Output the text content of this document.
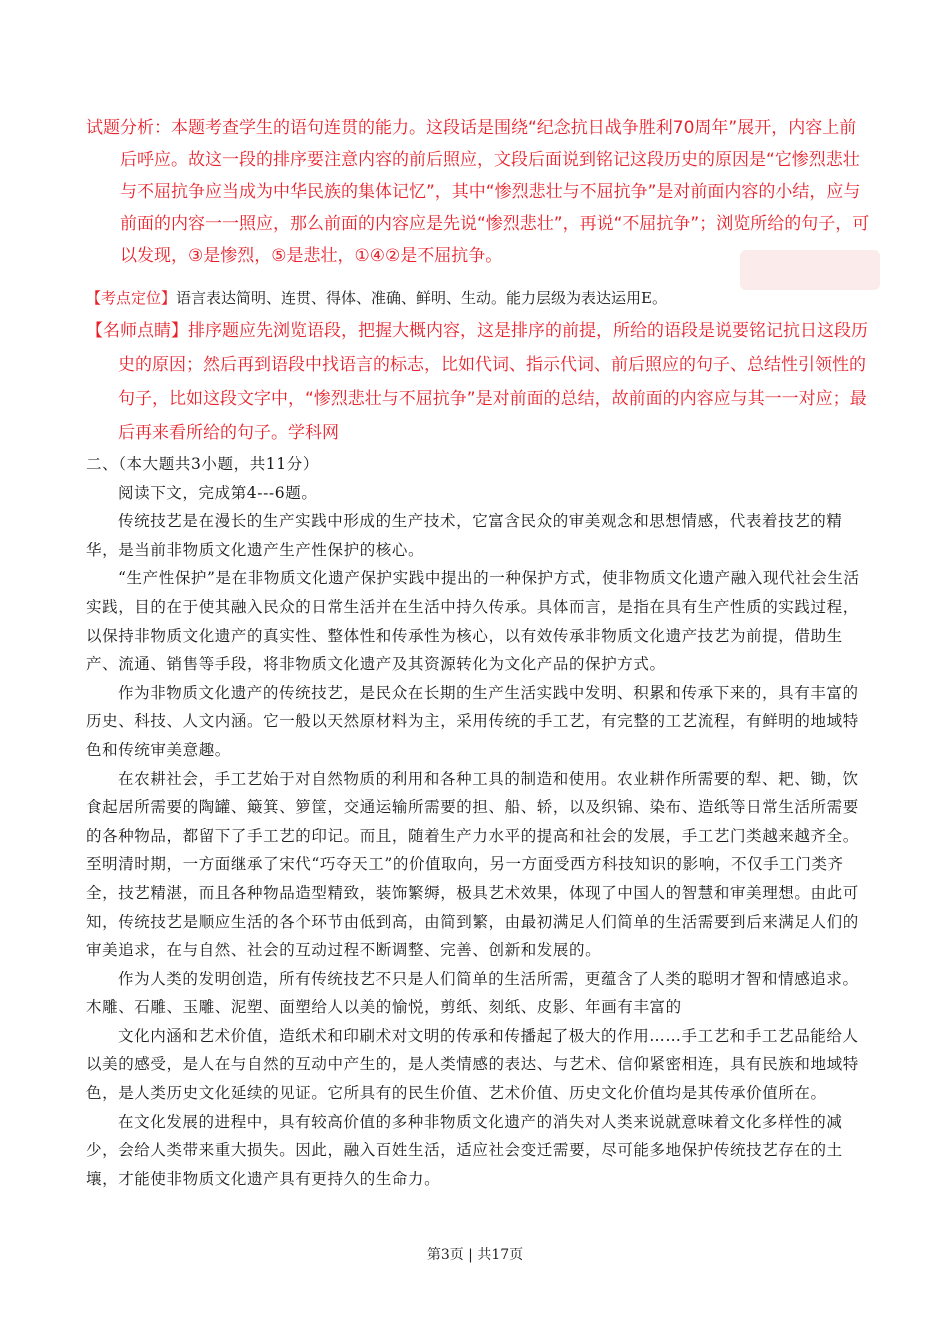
试题分析：本题考查学生的语句连贯的能力。这段话是围绕“纪念抗日战争胜利70周年”展开，内容上前后呼应。故这一段的排序要注意内容的前后照应，文段后面说到铭记这段历史的原因是“它惨烈悲壮与不屈抗争应当成为中华民族的集体记忆”，其中“惨烈悲壮与不屈抗争”是对前面内容的小结，应与前面的内容一一照应，那么前面的内容应是先说“惨烈悲壮”，再说“不屈抗争”；浏览所给的句子，可以发现，③是惨烈，⑤是悲壮，①④②是不屈抗争。

【考点定位】语言表达简明、连贯、得体、准确、鲜明、生动。能力层级为表达运用E。

【名师点睛】排序题应先浏览语段，把握大概内容，这是排序的前提，所给的语段是说要铭记抗日这段历史的原因；然后再到语段中找语言的标志，比如代词、指示代词、前后照应的句子、总结性引领性的句子，比如这段文字中，“惨烈悲壮与不屈抗争”是对前面的总结，故前面的内容应与其一一对应；最后再来看所给的句子。学科网

二、（本大题共3小题，共11分）

阅读下文，完成第4---6题。

传统技艺是在漫长的生产实践中形成的生产技术，它富含民众的审美观念和思想情感，代表着技艺的精华，是当前非物质文化遗产生产性保护的核心。

“生产性保护”是在非物质文化遗产保护实践中提出的一种保护方式，使非物质文化遗产融入现代社会生活实践，目的在于使其融入民众的日常生活并在生活中持久传承。具体而言，是指在具有生产性质的实践过程，以保持非物质文化遗产的真实性、整体性和传承性为核心，以有效传承非物质文化遗产技艺为前提，借助生产、流通、销售等手段，将非物质文化遗产及其资源转化为文化产品的保护方式。

作为非物质文化遗产的传统技艺，是民众在长期的生产生活实践中发明、积累和传承下来的，具有丰富的历史、科技、人文内涵。它一般以天然原材料为主，采用传统的手工艺，有完整的工艺流程，有鲜明的地域特色和传统审美意趣。

在农耕社会，手工艺始于对自然物质的利用和各种工具的制造和使用。农业耕作所需要的犁、耙、锄，饮食起居所需要的陶罐、簸箕、箩筐，交通运输所需要的担、船、轿，以及织锦、染布、造纸等日常生活所需要的各种物品，都留下了手工艺的印记。而且，随着生产力水平的提高和社会的发展，手工艺门类越来越齐全。至明清时期，一方面继承了宋代“巧夺天工”的价值取向，另一方面受西方科技知识的影响，不仅手工门类齐全，技艺精湛，而且各种物品造型精致，装饰繁缛，极具艺术效果，体现了中国人的智慧和审美理想。由此可知，传统技艺是顺应生活的各个环节由低到高，由简到繁，由最初满足人们简单的生活需要到后来满足人们的审美追求，在与自然、社会的互动过程不断调整、完善、创新和发展的。

作为人类的发明创造，所有传统技艺不只是人们简单的生活所需，更蕴含了人类的聪明才智和情感追求。木雕、石雕、玉雕、泥塑、面塑给人以美的愉悦，剪纸、刻纸、皮影、年画有丰富的

文化内涵和艺术价值，造纸术和印刷术对文明的传承和传播起了极大的作用……手工艺和手工艺品能给人以美的感受，是人在与自然的互动中产生的，是人类情感的表达、与艺术、信仰紧密相连，具有民族和地域特色，是人类历史文化延续的见证。它所具有的民生价值、艺术价值、历史文化价值均是其传承价值所在。

在文化发展的进程中，具有较高价值的多种非物质文化遗产的消失对人类来说就意味着文化多样性的减少，会给人类带来重大损失。因此，融入百姓生活，适应社会变迁需要，尽可能多地保护传统技艺存在的土壤，才能使非物质文化遗产具有更持久的生命力。

第3页 | 共17页
